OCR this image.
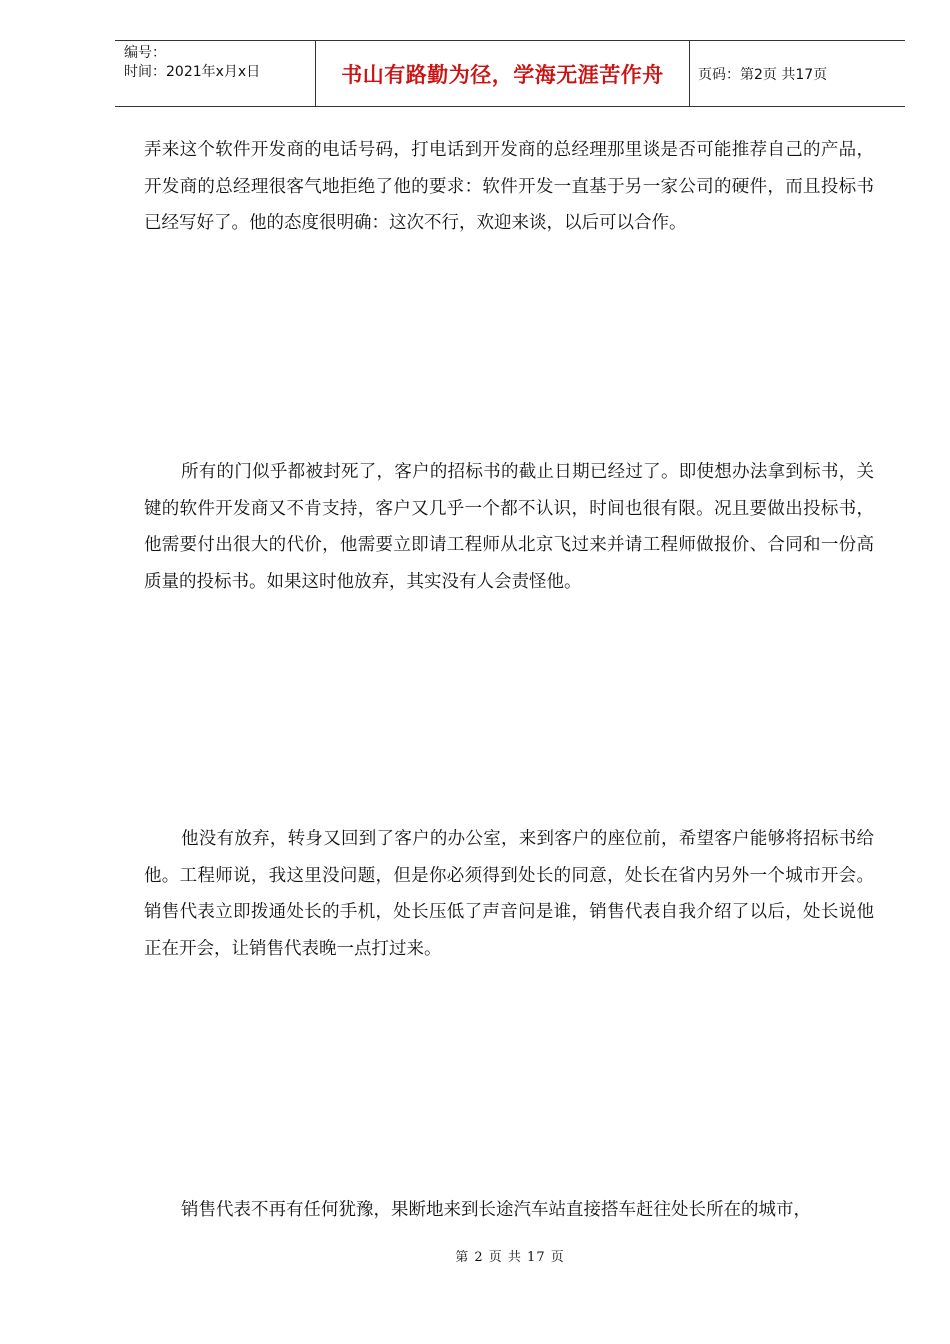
编号：
时间：2021年x月x日	书山有路勤为径，学海无涯苦作舟	页码：第2页 共17页

弄来这个软件开发商的电话号码，打电话到开发商的总经理那里谈是否可能推荐自己的产品，开发商的总经理很客气地拒绝了他的要求：软件开发一直基于另一家公司的硬件，而且投标书已经写好了。他的态度很明确：这次不行，欢迎来谈，以后可以合作。

所有的门似乎都被封死了，客户的招标书的截止日期已经过了。即使想办法拿到标书，关键的软件开发商又不肯支持，客户又几乎一个都不认识，时间也很有限。况且要做出投标书，他需要付出很大的代价，他需要立即请工程师从北京飞过来并请工程师做报价、合同和一份高质量的投标书。如果这时他放弃，其实没有人会责怪他。

他没有放弃，转身又回到了客户的办公室，来到客户的座位前，希望客户能够将招标书给他。工程师说，我这里没问题，但是你必须得到处长的同意，处长在省内另外一个城市开会。销售代表立即拨通处长的手机，处长压低了声音问是谁，销售代表自我介绍了以后，处长说他正在开会，让销售代表晚一点打过来。

销售代表不再有任何犹豫，果断地来到长途汽车站直接搭车赶往处长所在的城市，

第 2 页 共 17 页
